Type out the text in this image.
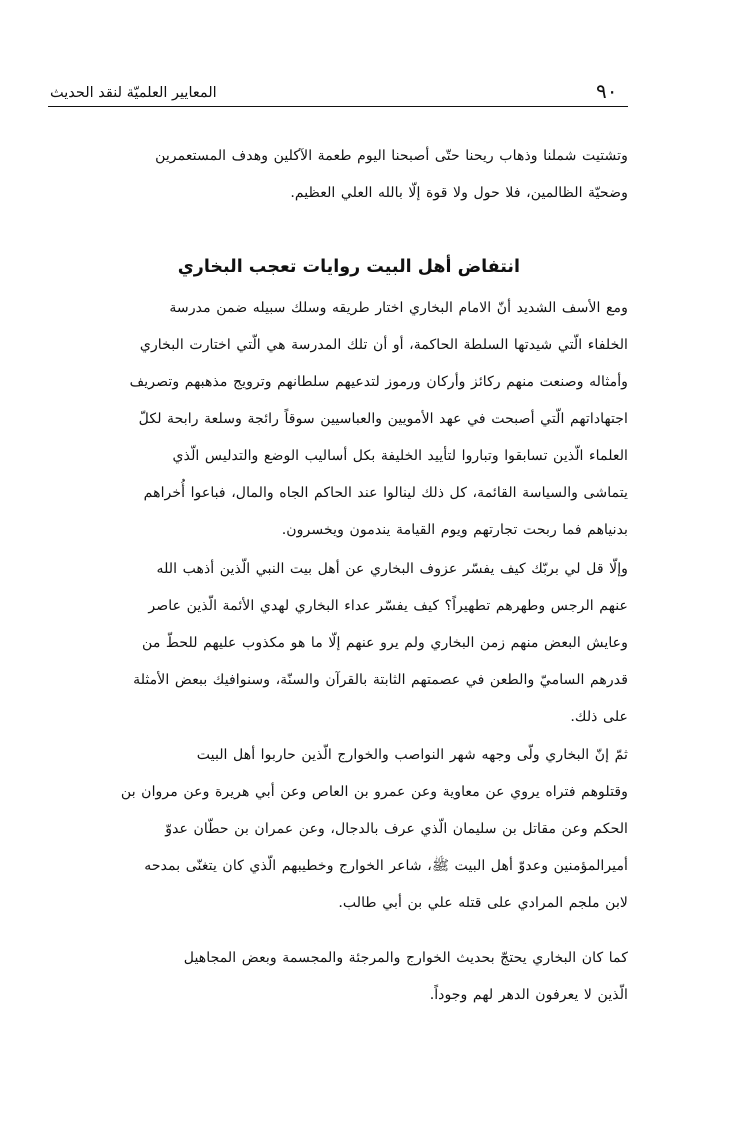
٩٠
المعايير العلميّة لنقد الحديث
وتشتيت شملنا وذهاب ريحنا حتّى أصبحنا اليوم طعمة الآكلين وهدف المستعمرين
وضحيّة الظالمين، فلا حول ولا قوة إلّا بالله العلي العظيم.
انتفاض أهل البيت روايات تعجب البخاري
ومع الأسف الشديد أنّ الامام البخاري اختار طريقه وسلك سبيله ضمن مدرسة
الخلفاء الّتي شيدتها السلطة الحاكمة، أو أن تلك المدرسة هي الّتي اختارت البخاري
وأمثاله وصنعت منهم ركائز وأركان ورموز لتدعيهم سلطانهم وترويج مذهبهم وتصريف
اجتهاداتهم الّتي أصبحت في عهد الأمويين والعباسيين سوقاً رائجة وسلعة رابحة لكلّ
العلماء الّذين تسابقوا وتباروا لتأييد الخليفة بكل أساليب الوضع والتدليس الّذي
يتماشى والسياسة القائمة، كل ذلك لينالوا عند الحاكم الجاه والمال، فباعوا أُخراهم
بدنياهم فما ربحت تجارتهم ويوم القيامة يندمون ويخسرون.
وإلّا قل لي بربّك كيف يفسّر عزوف البخاري عن أهل بيت النبي الّذين أذهب الله
عنهم الرجس وطهرهم تطهيراً؟ كيف يفسّر عداء البخاري لهدي الأئمة الّذين عاصر
وعايش البعض منهم زمن البخاري ولم يرو عنهم إلّا ما هو مكذوب عليهم للحطّ من
قدرهم الساميّ والطعن في عصمتهم الثابتة بالقرآن والسنّة، وسنوافيك ببعض الأمثلة
على ذلك.
ثمّ إنّ البخاري ولّى وجهه شهر النواصب والخوارج الّذين حاربوا أهل البيت
وقتلوهم فتراه يروي عن معاوية وعن عمرو بن العاص وعن أبي هريرة وعن مروان بن
الحكم وعن مقاتل بن سليمان الّذي عرف بالدجال، وعن عمران بن حطّان عدوّ
أميرالمؤمنين وعدوّ أهل البيت ﷺ، شاعر الخوارج وخطيبهم الّذي كان يتغنّى بمدحه
لابن ملجم المرادي على قتله علي بن أبي طالب.
كما كان البخاري يحتجّ بحديث الخوارج والمرجئة والمجسمة وبعض المجاهيل
الّذين لا يعرفون الدهر لهم وجوداً.
